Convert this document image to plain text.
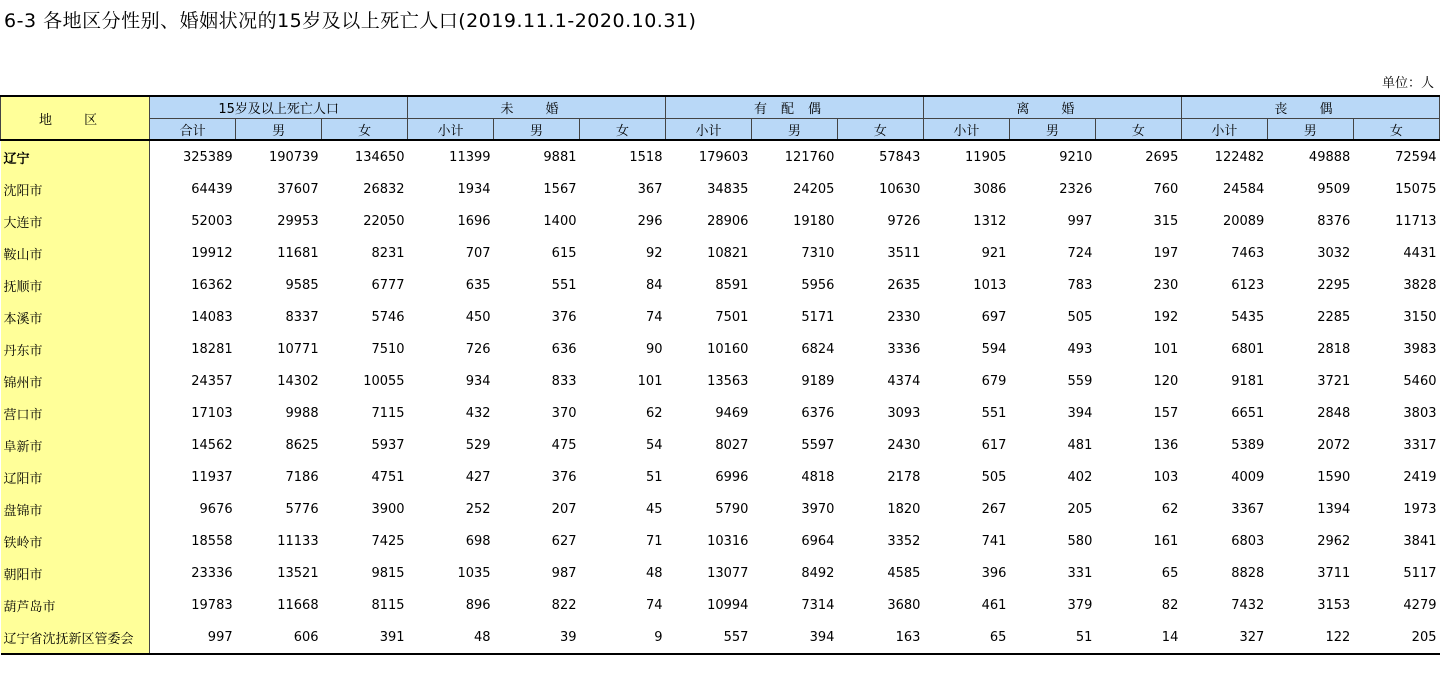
6-3 各地区分性别、婚姻状况的15岁及以上死亡人口(2019.11.1-2020.10.31)
单位：人
地 区	15岁及以上死亡人口			未 婚			有配偶			离 婚			丧 偶		
	合计	男	女	小计	男	女	小计	男	女	小计	男	女	小计	男	女
辽宁	325389	190739	134650	11399	9881	1518	179603	121760	57843	11905	9210	2695	122482	49888	72594
沈阳市	64439	37607	26832	1934	1567	367	34835	24205	10630	3086	2326	760	24584	9509	15075
大连市	52003	29953	22050	1696	1400	296	28906	19180	9726	1312	997	315	20089	8376	11713
鞍山市	19912	11681	8231	707	615	92	10821	7310	3511	921	724	197	7463	3032	4431
抚顺市	16362	9585	6777	635	551	84	8591	5956	2635	1013	783	230	6123	2295	3828
本溪市	14083	8337	5746	450	376	74	7501	5171	2330	697	505	192	5435	2285	3150
丹东市	18281	10771	7510	726	636	90	10160	6824	3336	594	493	101	6801	2818	3983
锦州市	24357	14302	10055	934	833	101	13563	9189	4374	679	559	120	9181	3721	5460
营口市	17103	9988	7115	432	370	62	9469	6376	3093	551	394	157	6651	2848	3803
阜新市	14562	8625	5937	529	475	54	8027	5597	2430	617	481	136	5389	2072	3317
辽阳市	11937	7186	4751	427	376	51	6996	4818	2178	505	402	103	4009	1590	2419
盘锦市	9676	5776	3900	252	207	45	5790	3970	1820	267	205	62	3367	1394	1973
铁岭市	18558	11133	7425	698	627	71	10316	6964	3352	741	580	161	6803	2962	3841
朝阳市	23336	13521	9815	1035	987	48	13077	8492	4585	396	331	65	8828	3711	5117
葫芦岛市	19783	11668	8115	896	822	74	10994	7314	3680	461	379	82	7432	3153	4279
辽宁省沈抚新区管委会	997	606	391	48	39	9	557	394	163	65	51	14	327	122	205
